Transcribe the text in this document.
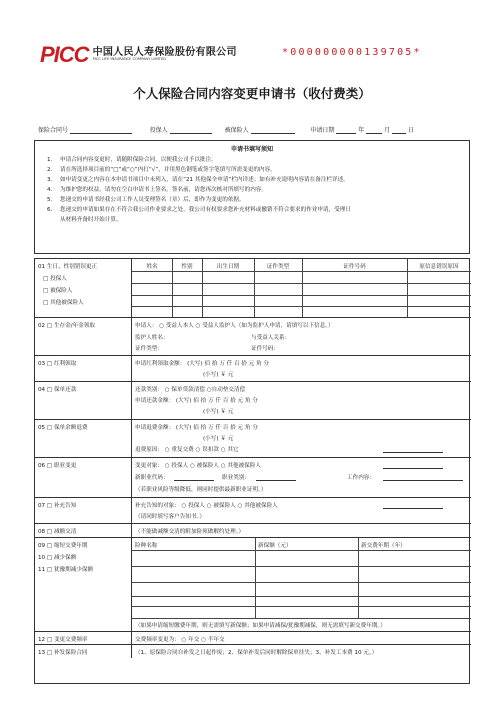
PICC 中国人民人寿保险股份有限公司
PICC LIFE INSURANCE COMPANY LIMITED
*000000000139705*
个人保险合同内容变更申请书（收付费类）
保险合同号	投保人	被保险人	申请日期	年	月	日
申请书填写须知
1.	申请合同内容变更时，请随附保险合同，以便我公司予以批注。
2.	请在所选择项目前的“□”或“○”内打“√”，并用黑色钢笔或签字笔填写所需变更的内容。
3.	如申请变更之内容在本申请书项目中未列入，请在“21 其他保全申请”栏内详述；如有补充说明内容请在备注栏详述。
4.	为维护您的权益，请勿在空白申请书上签名。签名前，请您再次核对所填写的内容。
5.	您递交的申请书经我公司工作人员受理签名（章）后，即作为变更的依据。
6.	您递交的申请如果存在不符合我公司作业要求之处，我公司有权要求您补充材料或撤销不符合要求的作业申请，受理日
从材料齐备时开始计算。
01 生日、性别错误更正
□ 投保人
□ 被保险人
□ 其他被保险人
姓名	性别	出生日期	证件类型	证件号码	原信息错误原因
02 □ 生存金/年金领取	申请人： ○ 受益人本人 ○ 受益人监护人（如为监护人申请，请填写以下信息。）
监护人姓名：	与受益人关系：
证件类型：	证件号码：
03 □ 红利领取	申请红利领取金额： (大写) 佰 拾 万 仟 百 拾 元 角 分
(小写) ￥ 元
04 □ 保单还款	还款类别： ○ 保单贷款清偿 ○自动垫交清偿
申请还款金额： (大写) 佰 拾 万 仟 百 拾 元 角 分
(小写) ￥ 元
05 □ 保单余额退费	申请退费金额： (大写) 佰 拾 万 仟 百 拾 元 角 分
(小写) ￥ 元
退费原因： ○ 重复交费 ○ 误扣款 ○ 其它
06 □ 职业变更	变更对象： ○ 投保人 ○ 被保险人 ○ 其他被保险人
新职业代码：	职业类别：	工作内容：
（若职业风险等级降低，则同时提供最新职业证明。）
07 □ 补充告知	补充告知的对象： ○ 投保人 ○ 被保险人 ○ 其他被保险人
（请同时填写客户告知书。）
08 □ 减额交清	（不能做减额交清的附加险须做解约处理。）
09 □ 缩短交费年期
10 □ 减少保额
11 □ 犹豫期减少保额
险种名称	新保额（元）	新交费年期（年）
（如果申请缩短缴费年期，则无需填写新保额；如果申请减保/犹豫期减保，则无需填写新交费年期。）
12 □ 变更交费频率	交费频率变更为： ○ 年交 ○ 半年交
13 □ 补发保险合同	（1、原保险合同自补发之日起作废；2、保单补发后同时解除保单挂失；3、补发工本费 10 元。）
